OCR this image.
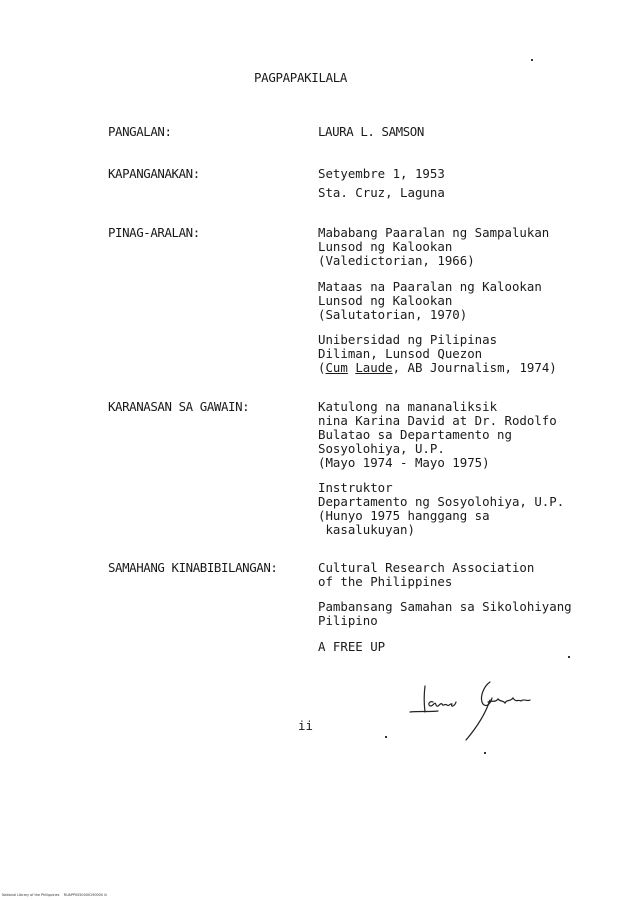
PAGPAPAKILALA
PANGALAN:	LAURA L. SAMSON
KAPANGANAKAN:	Setyembre 1, 1953
Sta. Cruz, Laguna
PINAG-ARALAN:	Mababang Paaralan ng Sampalukan
Lunsod ng Kalookan
(Valedictorian, 1966)
Mataas na Paaralan ng Kalookan
Lunsod ng Kalookan
(Salutatorian, 1970)
Unibersidad ng Pilipinas
Diliman, Lunsod Quezon
(Cum Laude, AB Journalism, 1974)
KARANASAN SA GAWAIN:	Katulong na mananaliksik
nina Karina David at Dr. Rodolfo
Bulatao sa Departamento ng
Sosyolohiya, U.P.
(Mayo 1974 - Mayo 1975)
Instruktor
Departamento ng Sosyolohiya, U.P.
(Hunyo 1975 hanggang sa
kasalukuyan)
SAMAHANG KINABIBILANGAN:	Cultural Research Association
of the Philippines
Pambansang Samahan sa Sikolohiyang
Pilipino
A FREE UP
ii
National Library of the Philippines    RUAPP0050000190000 iii
